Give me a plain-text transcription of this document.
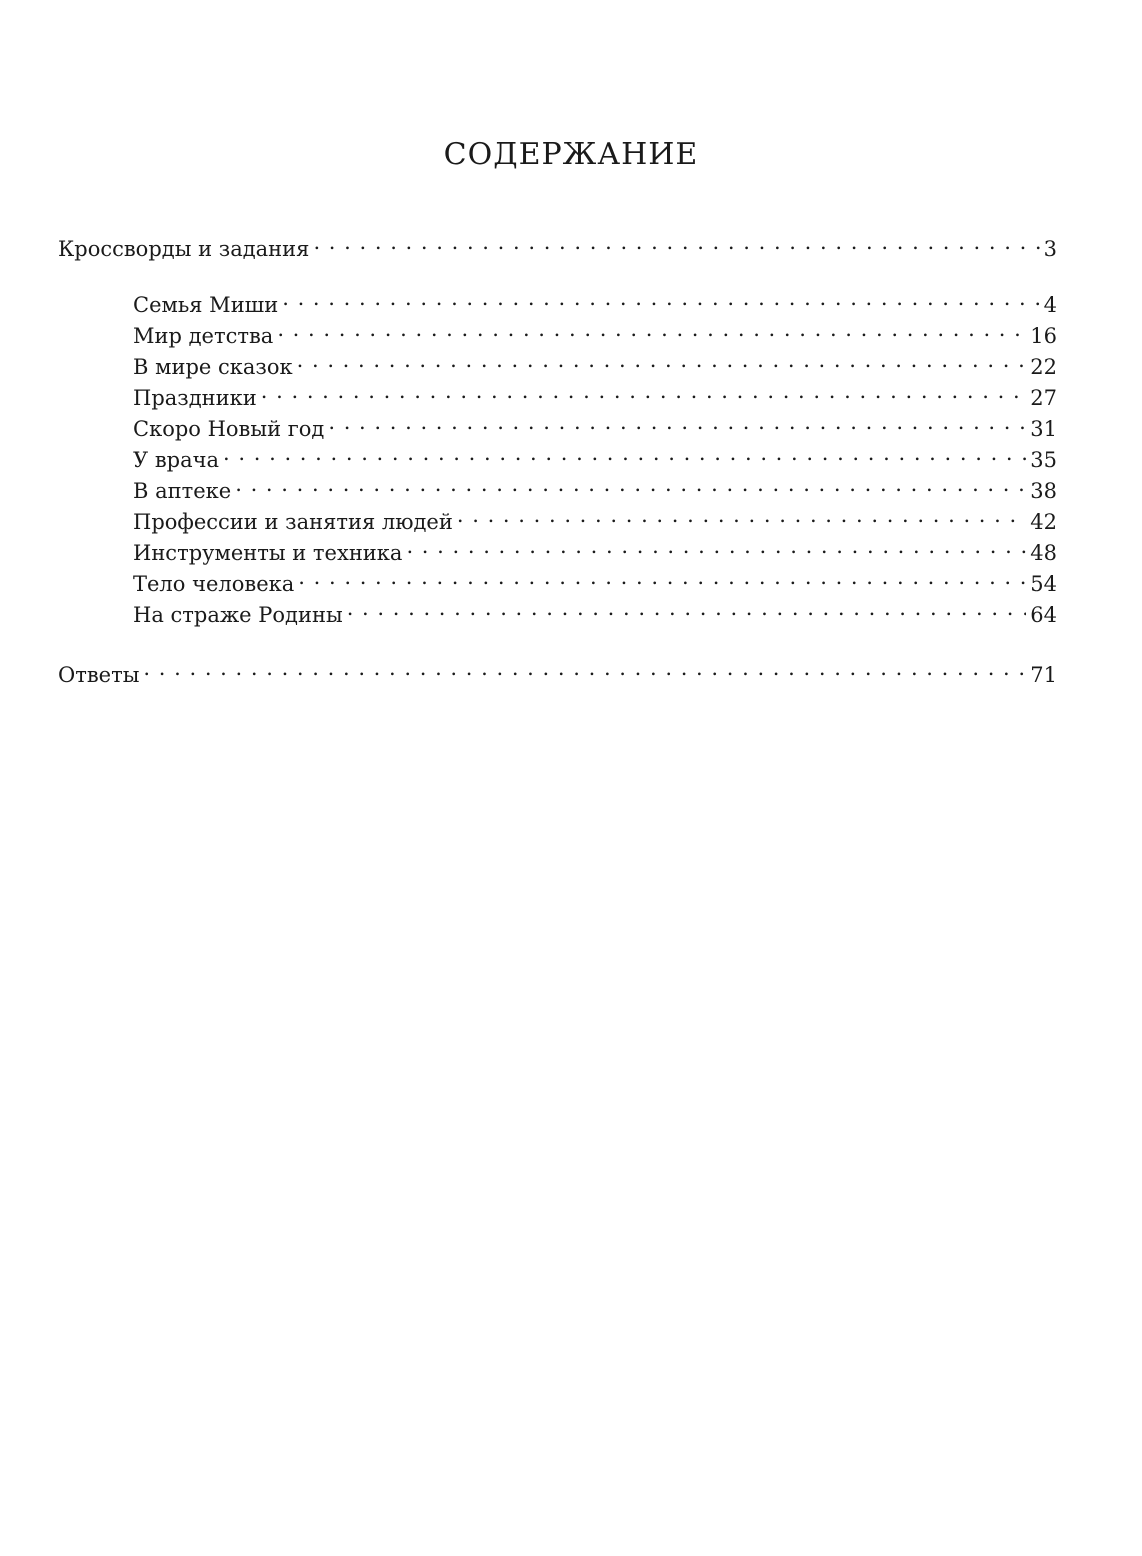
СОДЕРЖАНИЕ
Кроссворды и задания . . .	3
Семья Миши . . .	4
Мир детства . . .	16
В мире сказок . . .	22
Праздники . . .	27
Скоро Новый год . . .	31
У врача . . .	35
В аптеке . . .	38
Профессии и занятия людей . . .	42
Инструменты и техника . . .	48
Тело человека . . .	54
На страже Родины . . .	64
Ответы . . .	71
